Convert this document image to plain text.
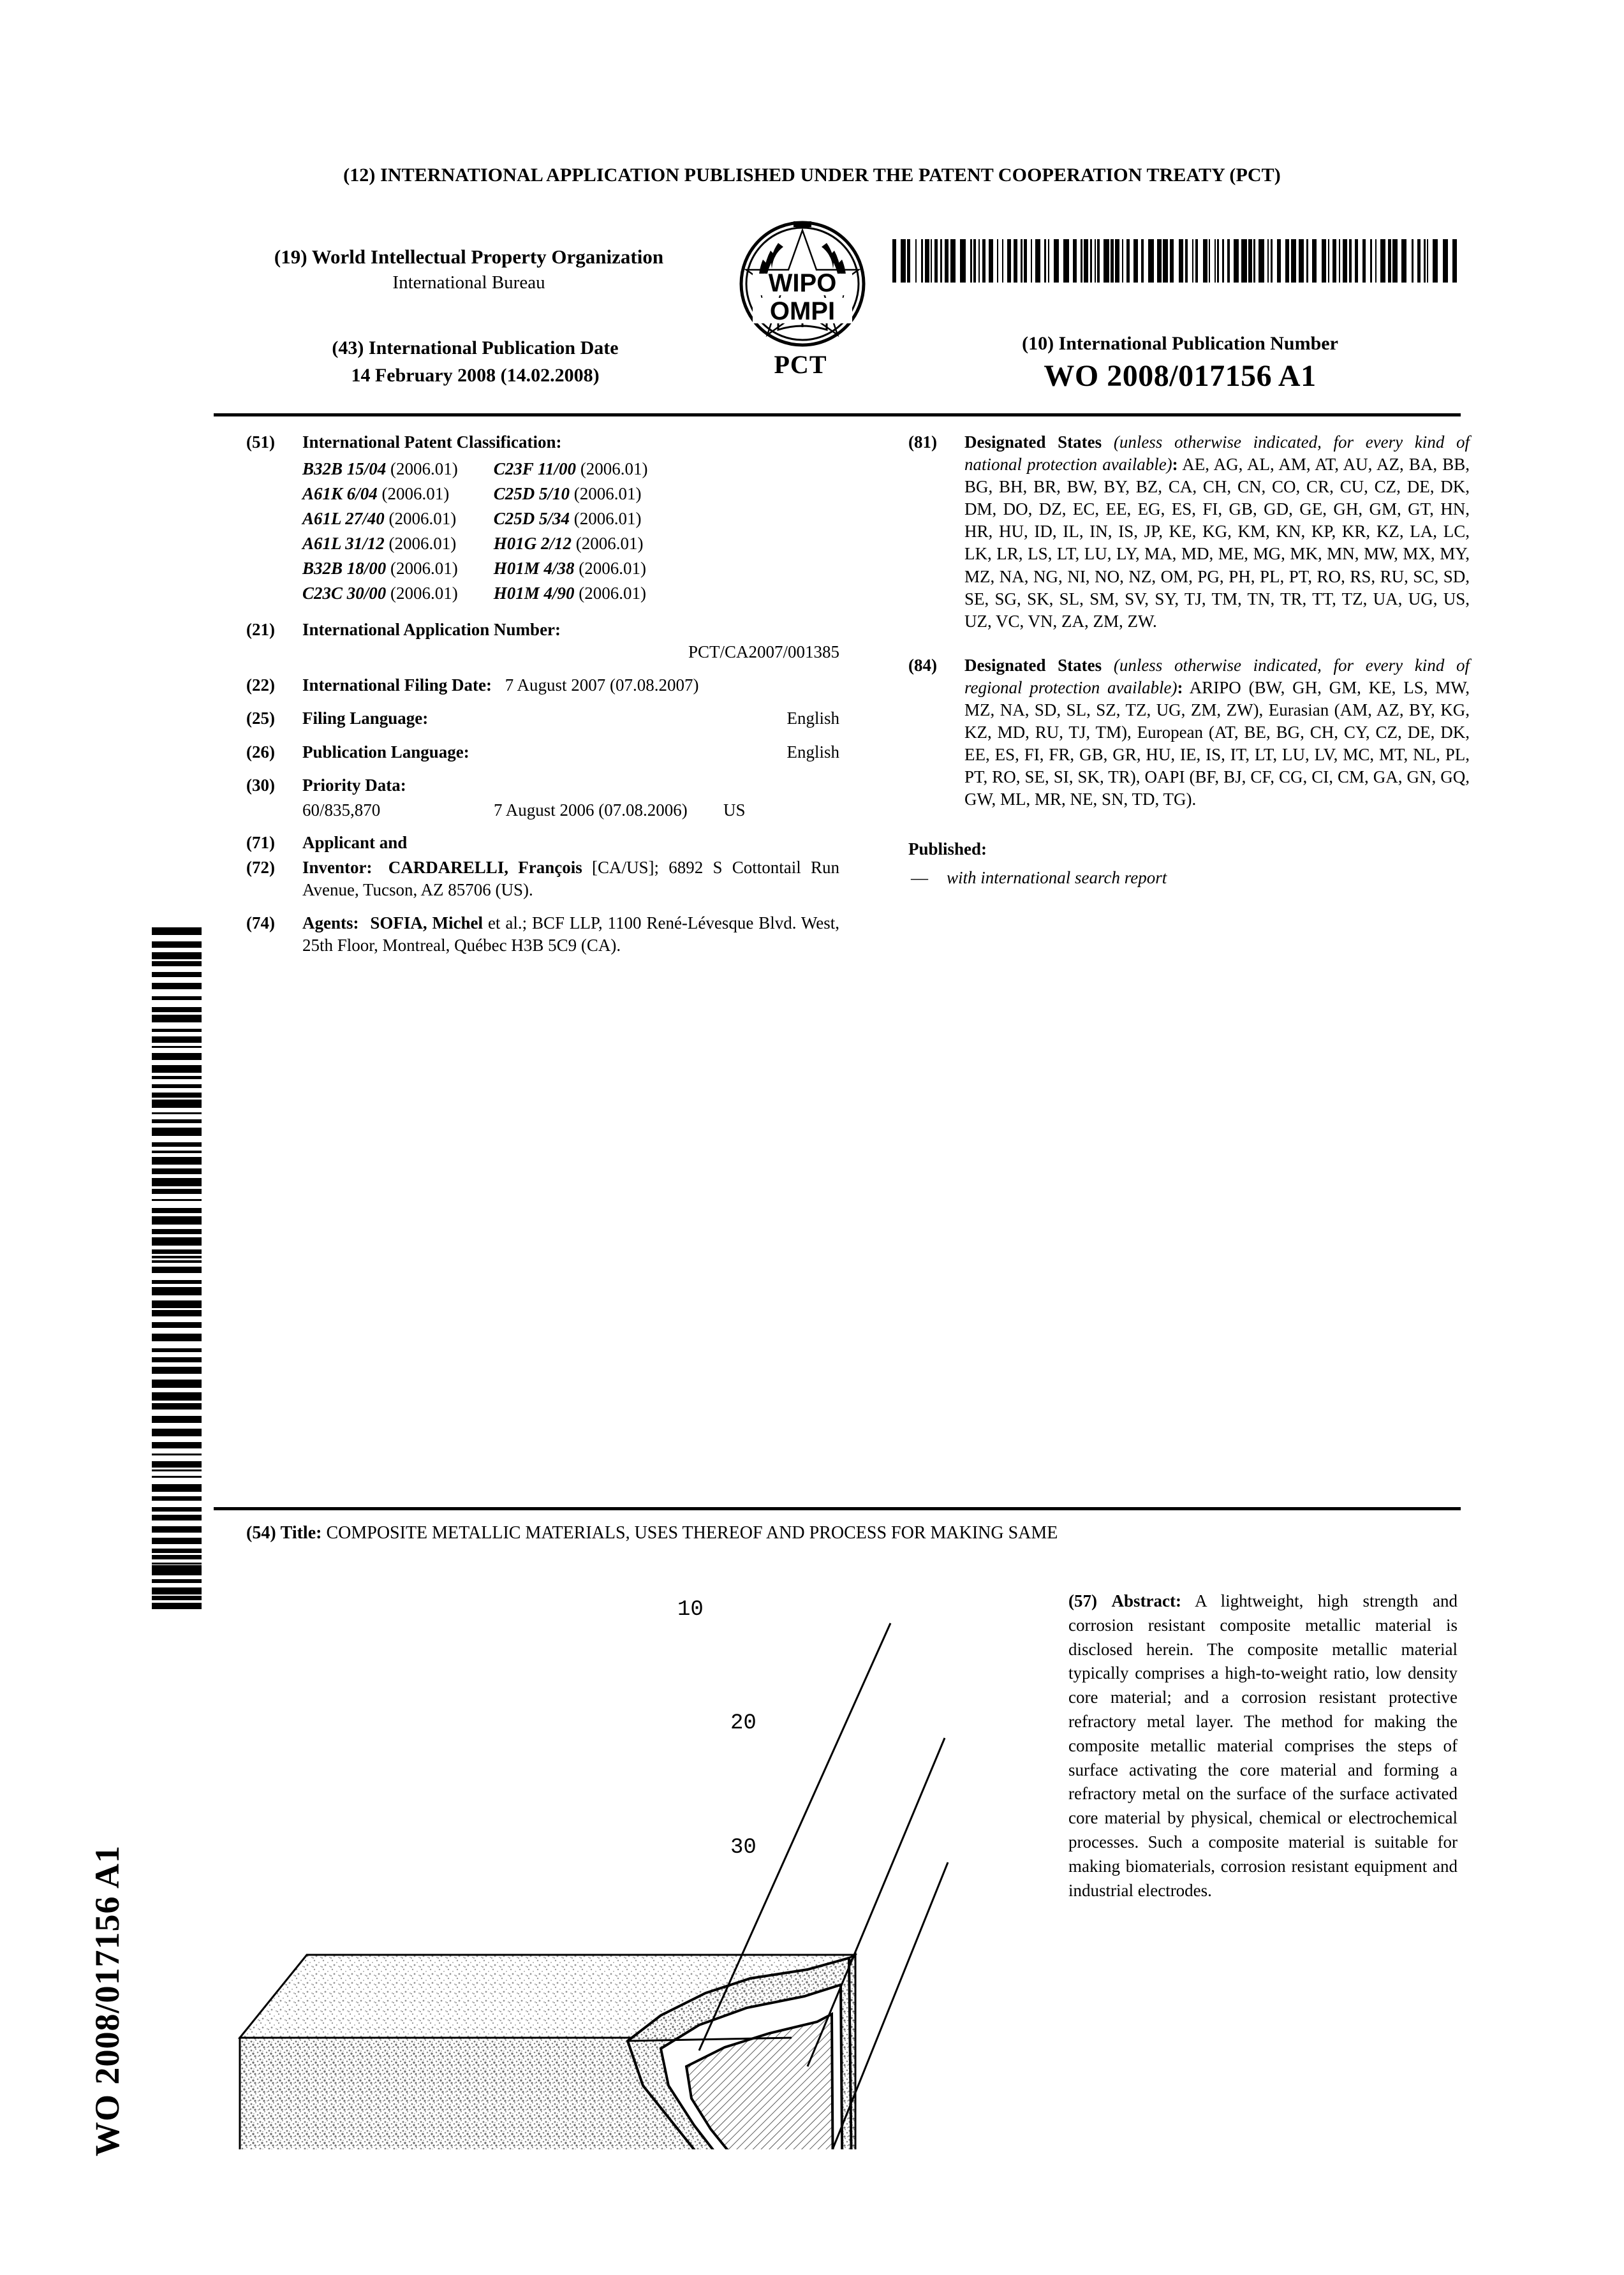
(12) INTERNATIONAL APPLICATION PUBLISHED UNDER THE PATENT COOPERATION TREATY (PCT)
(19) World Intellectual Property Organization
International Bureau	WIPO
OMPI
(43) International Publication Date
14 February 2008 (14.02.2008)	PCT
(10) International Publication Number
WO 2008/017156 A1
(51)	International Patent Classification:
B32B 15/04 (2006.01)	C23F 11/00 (2006.01)
A61K 6/04 (2006.01)	C25D 5/10 (2006.01)
A61L 27/40 (2006.01)	C25D 5/34 (2006.01)
A61L 31/12 (2006.01)	H01G 2/12 (2006.01)
B32B 18/00 (2006.01)	H01M 4/38 (2006.01)
C23C 30/00 (2006.01)	H01M 4/90 (2006.01)
(21)	International Application Number:
PCT/CA2007/001385
(22)	International Filing Date: 7 August 2007 (07.08.2007)
(25)	Filing Language:	English
(26)	Publication Language:	English
(30)	Priority Data:
60/835,870	7 August 2006 (07.08.2006) US
(71)	Applicant and
(72)	Inventor: CARDARELLI, François [CA/US]; 6892 S Cottontail Run Avenue, Tucson, AZ 85706 (US).
(74)	Agents: SOFIA, Michel et al.; BCF LLP, 1100 René-Lévesque Blvd. West, 25th Floor, Montreal, Québec H3B 5C9 (CA).
(81)	Designated States (unless otherwise indicated, for every kind of national protection available): AE, AG, AL, AM, AT, AU, AZ, BA, BB, BG, BH, BR, BW, BY, BZ, CA, CH, CN, CO, CR, CU, CZ, DE, DK, DM, DO, DZ, EC, EE, EG, ES, FI, GB, GD, GE, GH, GM, GT, HN, HR, HU, ID, IL, IN, IS, JP, KE, KG, KM, KN, KP, KR, KZ, LA, LC, LK, LR, LS, LT, LU, LY, MA, MD, ME, MG, MK, MN, MW, MX, MY, MZ, NA, NG, NI, NO, NZ, OM, PG, PH, PL, PT, RO, RS, RU, SC, SD, SE, SG, SK, SL, SM, SV, SY, TJ, TM, TN, TR, TT, TZ, UA, UG, US, UZ, VC, VN, ZA, ZM, ZW.
(84)	Designated States (unless otherwise indicated, for every kind of regional protection available): ARIPO (BW, GH, GM, KE, LS, MW, MZ, NA, SD, SL, SZ, TZ, UG, ZM, ZW), Eurasian (AM, AZ, BY, KG, KZ, MD, RU, TJ, TM), European (AT, BE, BG, CH, CY, CZ, DE, DK, EE, ES, FI, FR, GB, GR, HU, IE, IS, IT, LT, LU, LV, MC, MT, NL, PL, PT, RO, SE, SI, SK, TR), OAPI (BF, BJ, CF, CG, CI, CM, GA, GN, GQ, GW, ML, MR, NE, SN, TD, TG).
Published:
— with international search report
(54) Title: COMPOSITE METALLIC MATERIALS, USES THEREOF AND PROCESS FOR MAKING SAME
(57) Abstract: A lightweight, high strength and corrosion resistant composite metallic material is disclosed herein. The composite metallic material typically comprises a high-to-weight ratio, low density core material; and a corrosion resistant protective refractory metal layer. The method for making the composite metallic material comprises the steps of surface activating the core material and forming a refractory metal on the surface of the surface activated core material by physical, chemical or electrochemical processes. Such a composite material is suitable for making biomaterials, corrosion resistant equipment and industrial electrodes.
10
20
30
WO 2008/017156 A1
